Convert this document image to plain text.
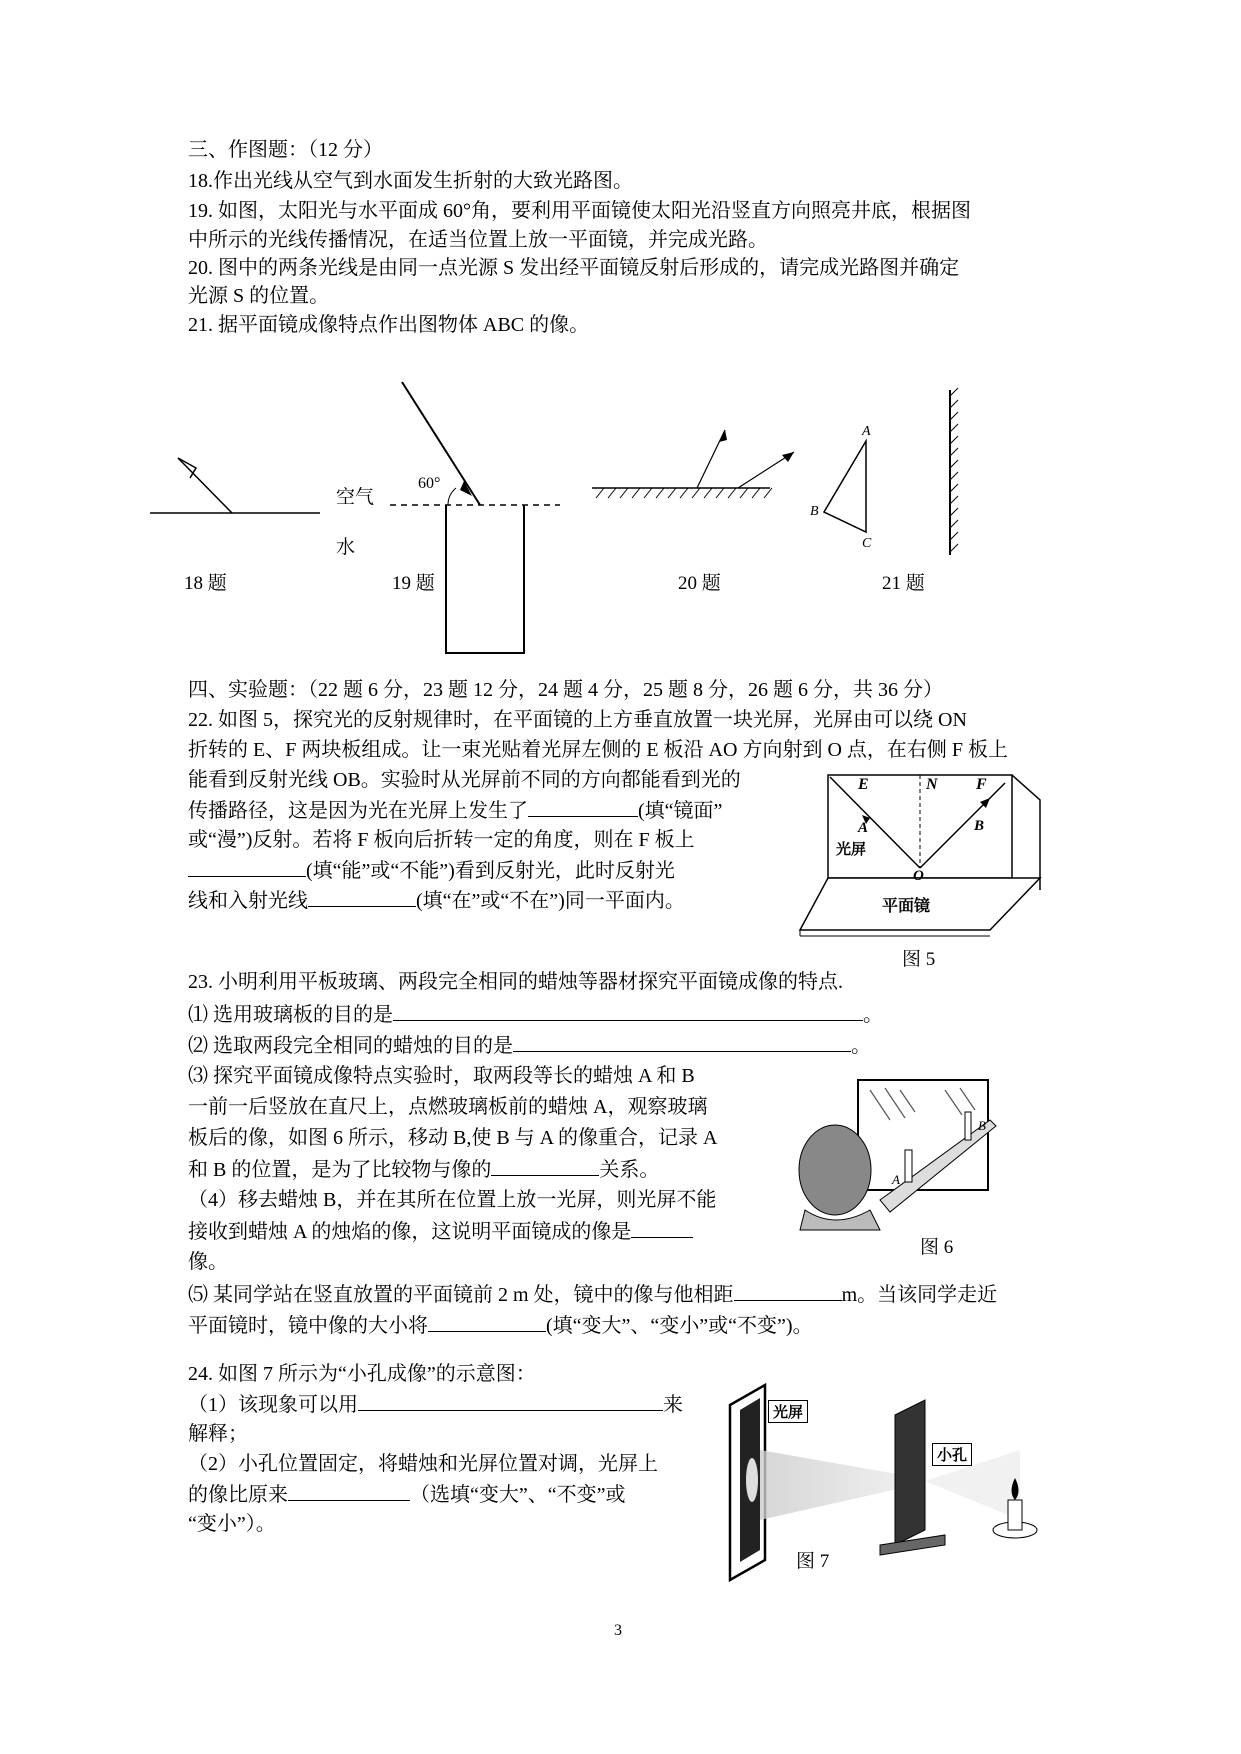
三、作图题：（12 分）
18.作出光线从空气到水面发生折射的大致光路图。
19. 如图，太阳光与水平面成 60°角，要利用平面镜使太阳光沿竖直方向照亮井底，根据图
中所示的光线传播情况，在适当位置上放一平面镜，并完成光路。
20. 图中的两条光线是由同一点光源 S 发出经平面镜反射后形成的，请完成光路图并确定
光源 S 的位置。
21. 据平面镜成像特点作出图物体 ABC 的像。
空气
水
60°
A
B
C
18 题	19 题	20 题	21 题
四、实验题：（22 题 6 分，23 题 12 分，24 题 4 分，25 题 8 分，26 题 6 分，共 36 分）
22. 如图 5，探究光的反射规律时，在平面镜的上方垂直放置一块光屏，光屏由可以绕 ON
折转的 E、F 两块板组成。让一束光贴着光屏左侧的 E 板沿 AO 方向射到 O 点，在右侧 F 板上
能看到反射光线 OB。实验时从光屏前不同的方向都能看到光的
传播路径，这是因为光在光屏上发生了	(填“镜面”
或“漫”)反射。若将 F 板向后折转一定的角度，则在 F 板上
(填“能”或“不能”)看到反射光，此时反射光
线和入射光线	(填“在”或“不在”)同一平面内。
E	N F
A	B
光屏
O
平面镜
图 5
23. 小明利用平板玻璃、两段完全相同的蜡烛等器材探究平面镜成像的特点.
⑴ 选用玻璃板的目的是	。
⑵ 选取两段完全相同的蜡烛的目的是	。
⑶ 探究平面镜成像特点实验时，取两段等长的蜡烛 A 和 B
一前一后竖放在直尺上，点燃玻璃板前的蜡烛 A，观察玻璃
板后的像，如图 6 所示，移动 B,使 B 与 A 的像重合，记录 A
和 B 的位置，是为了比较物与像的	关系。
（4）移去蜡烛 B，并在其所在位置上放一光屏，则光屏不能
接收到蜡烛 A 的烛焰的像，这说明平面镜成的像是
像。
⑸ 某同学站在竖直放置的平面镜前 2 m 处，镜中的像与他相距	m。当该同学走近
平面镜时，镜中像的大小将	(填“变大”、“变小”或“不变”)。
B
A
图 6
24. 如图 7 所示为“小孔成像”的示意图：
（1）该现象可以用	来
解释；
（2）小孔位置固定，将蜡烛和光屏位置对调，光屏上
的像比原来	（选填“变大”、“不变”或
“变小”）。
光屏
小孔
图 7
3
